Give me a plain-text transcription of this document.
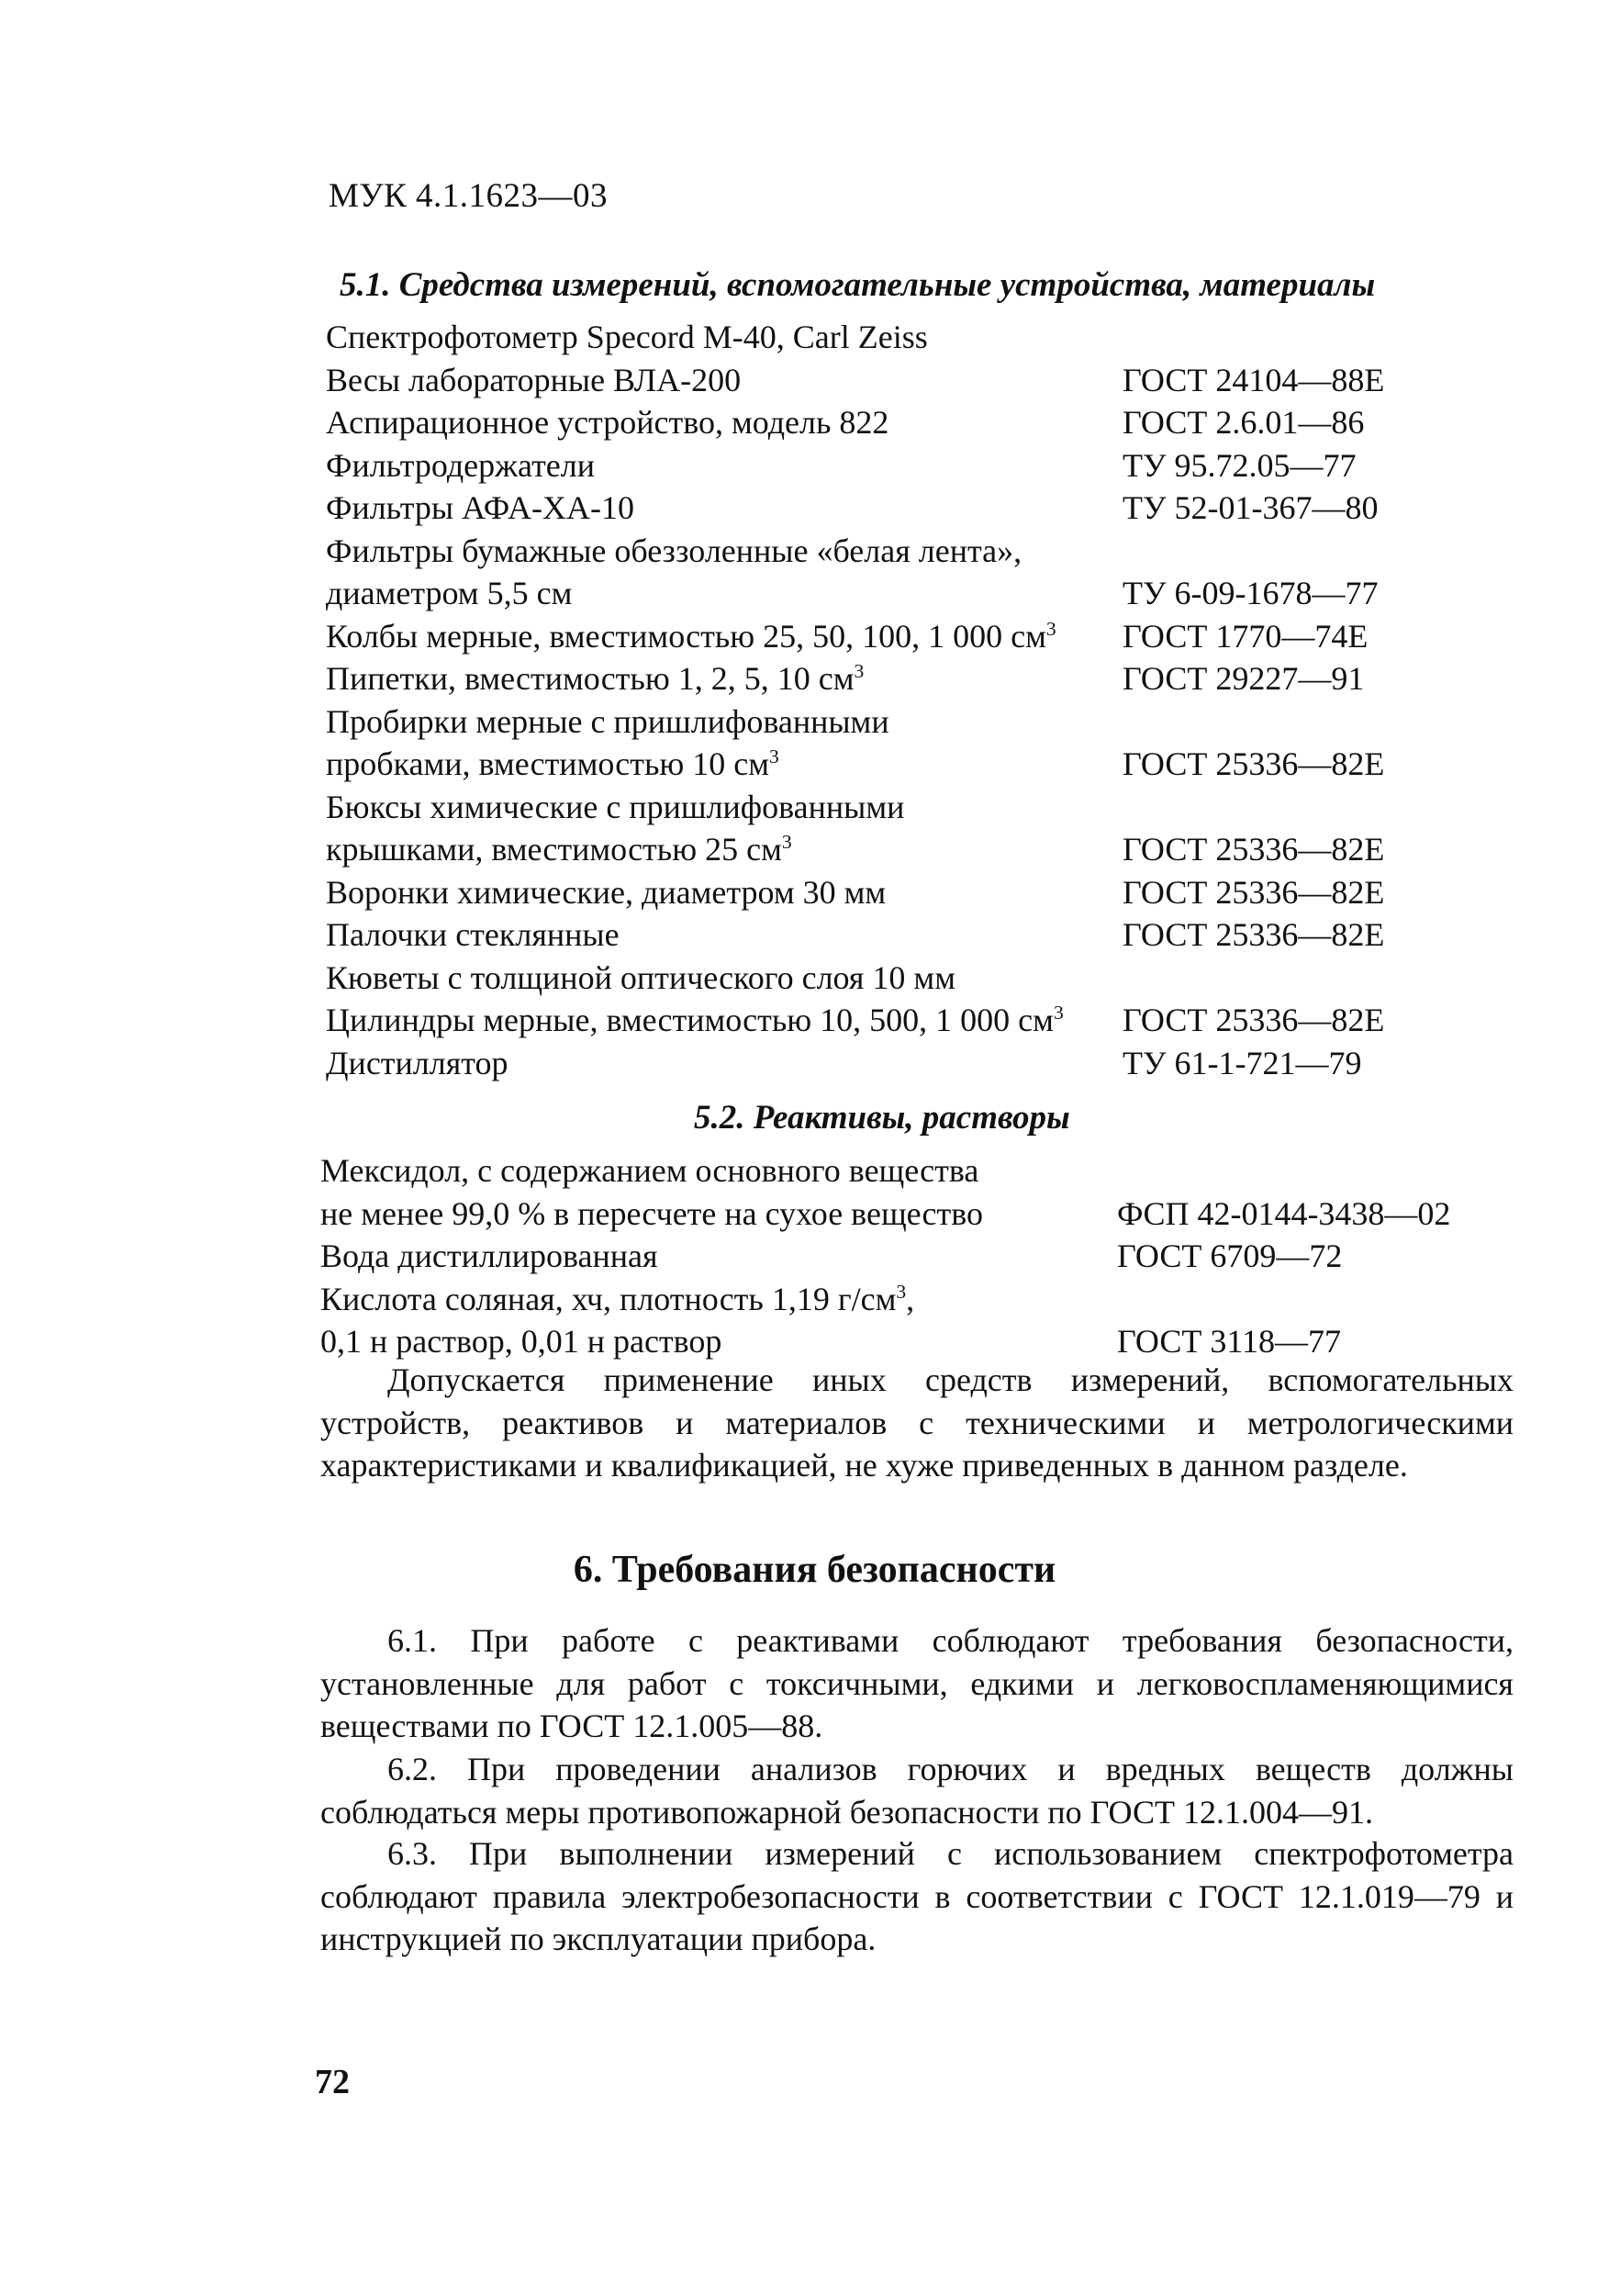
МУК 4.1.1623—03
5.1. Средства измерений, вспомогательные устройства, материалы
Спектрофотометр Specord M-40, Carl Zeiss
Весы лабораторные ВЛА-200	ГОСТ 24104—88Е
Аспирационное устройство, модель 822	ГОСТ 2.6.01—86
Фильтродержатели	ТУ 95.72.05—77
Фильтры АФА-ХА-10	ТУ 52-01-367—80
Фильтры бумажные обеззоленные «белая лента»,
диаметром 5,5 см	ТУ 6-09-1678—77
Колбы мерные, вместимостью 25, 50, 100, 1 000 $см^3$ ГОСТ 1770—74Е
Пипетки, вместимостью 1, 2, 5, 10 $см^3$	ГОСТ 29227—91
Пробирки мерные с пришлифованными
пробками, вместимостью 10 $см^3$	ГОСТ 25336—82Е
Бюксы химические с пришлифованными
крышками, вместимостью 25 $см^3$	ГОСТ 25336—82Е
Воронки химические, диаметром 30 мм	ГОСТ 25336—82Е
Палочки стеклянные	ГОСТ 25336—82Е
Кюветы с толщиной оптического слоя 10 мм
Цилиндры мерные, вместимостью 10, 500, 1 000 $см^3$ ГОСТ 25336—82Е
Дистиллятор	ТУ 61-1-721—79
5.2. Реактивы, растворы
Мексидол, с содержанием основного вещества
не менее 99,0 % в пересчете на сухое вещество	ФСП 42-0144-3438—02
Вода дистиллированная	ГОСТ 6709—72
Кислота соляная, хч, плотность 1,19 $г/см^3$,
0,1 н раствор, 0,01 н раствор	ГОСТ 3118—77
Допускается применение иных средств измерений, вспомогательных устройств, реактивов и материалов с техническими и метрологическими характеристиками и квалификацией, не хуже приведенных в данном разделе.
6. Требования безопасности
6.1. При работе с реактивами соблюдают требования безопасности, установленные для работ с токсичными, едкими и легковоспламеняющимися веществами по ГОСТ 12.1.005—88.
6.2. При проведении анализов горючих и вредных веществ должны соблюдаться меры противопожарной безопасности по ГОСТ 12.1.004—91.
6.3. При выполнении измерений с использованием спектрофотометра соблюдают правила электробезопасности в соответствии с ГОСТ 12.1.019—79 и инструкцией по эксплуатации прибора.
72
